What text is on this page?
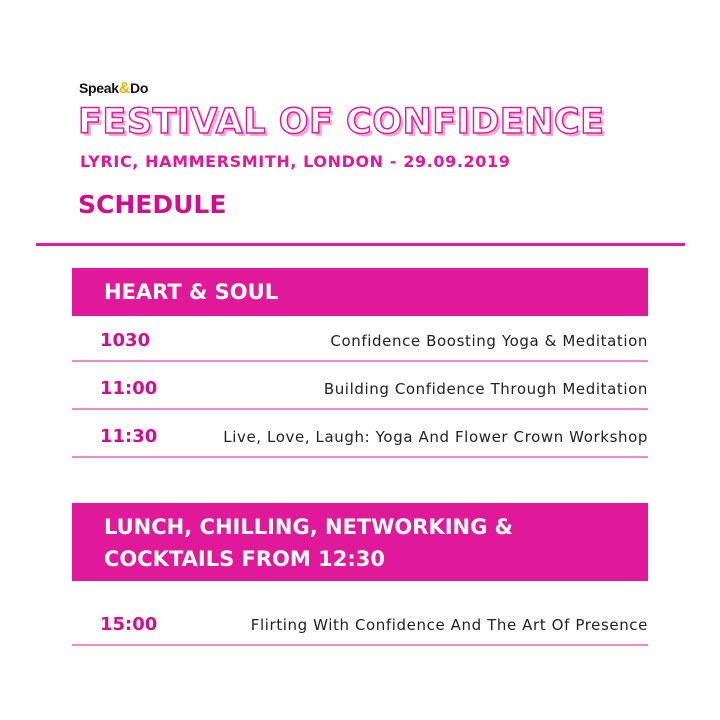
Speak&Do
FESTIVAL OF CONFIDENCE
LYRIC, HAMMERSMITH, LONDON - 29.09.2019
SCHEDULE
HEART & SOUL
1030	Confidence Boosting Yoga & Meditation
11:00	Building Confidence Through Meditation
11:30	Live, Love, Laugh: Yoga And Flower Crown Workshop
LUNCH, CHILLING, NETWORKING &
COCKTAILS FROM 12:30
15:00	Flirting With Confidence And The Art Of Presence
